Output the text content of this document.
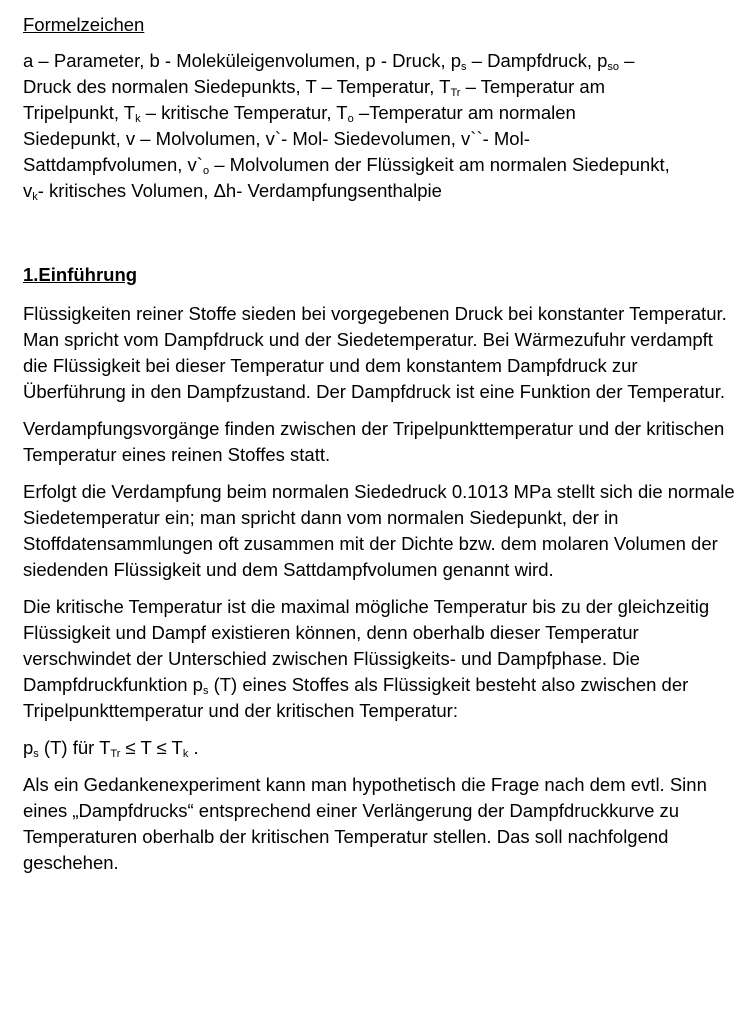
Formelzeichen

a – Parameter, b - Moleküleigenvolumen, p - Druck, $p_s$ – Dampfdruck, $p_{so}$ –

Druck des normalen Siedepunkts, T – Temperatur, $T_{Tr}$ – Temperatur am

Tripelpunkt, $T_k$ – kritische Temperatur, $T_o$ –Temperatur am normalen

Siedepunkt, v – Molvolumen, v`- Mol- Siedevolumen, v``- Mol-

Sattdampfvolumen, $v`_o$ – Molvolumen der Flüssigkeit am normalen Siedepunkt,

$v_k-$ kritisches Volumen, Δh- Verdampfungsenthalpie

1.Einführung

Flüssigkeiten reiner Stoffe sieden bei vorgegebenen Druck bei konstanter Temperatur. Man spricht vom Dampfdruck und der Siedetemperatur. Bei Wärmezufuhr verdampft die Flüssigkeit bei dieser Temperatur und dem konstantem Dampfdruck zur Überführung in den Dampfzustand. Der Dampfdruck ist eine Funktion der Temperatur.

Verdampfungsvorgänge finden zwischen der Tripelpunkttemperatur und der kritischen Temperatur eines reinen Stoffes statt.

Erfolgt die Verdampfung beim normalen Siededruck 0.1013 MPa stellt sich die normale Siedetemperatur ein; man spricht dann vom normalen Siedepunkt, der in Stoffdatensammlungen oft zusammen mit der Dichte bzw. dem molaren Volumen der siedenden Flüssigkeit und dem Sattdampfvolumen genannt wird.

Die kritische Temperatur ist die maximal mögliche Temperatur bis zu der gleichzeitig Flüssigkeit und Dampf existieren können, denn oberhalb dieser Temperatur verschwindet der Unterschied zwischen Flüssigkeits- und Dampfphase. Die Dampfdruckfunktion $p_s$ (T) eines Stoffes als Flüssigkeit besteht also zwischen der Tripelpunkttemperatur und der kritischen Temperatur:

$p_s$ (T) für $T_{Tr} \le T \le T_k$ .

Als ein Gedankenexperiment kann man hypothetisch die Frage nach dem evtl. Sinn eines „Dampfdrucks“ entsprechend einer Verlängerung der Dampfdruckkurve zu Temperaturen oberhalb der kritischen Temperatur stellen. Das soll nachfolgend geschehen.
